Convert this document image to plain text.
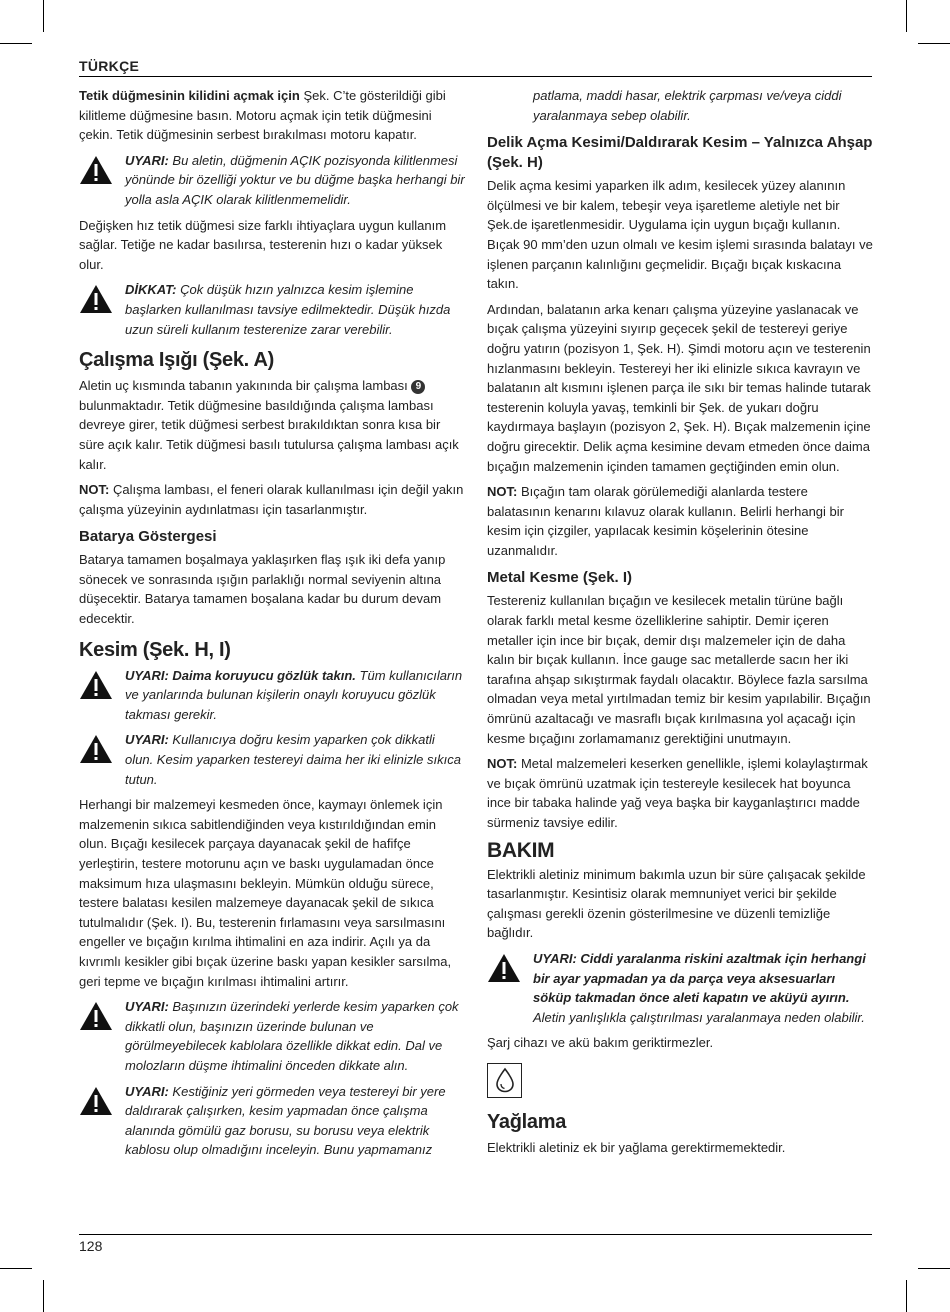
TÜRKÇE
128

Tetik düğmesinin kilidini açmak için Şek. C’te gösterildiği gibi kilitleme düğmesine basın. Motoru açmak için tetik düğmesini çekin. Tetik düğmesinin serbest bırakılması motoru kapatır.

UYARI: Bu aletin, düğmenin AÇIK pozisyonda kilitlenmesi yönünde bir özelliği yoktur ve bu düğme başka herhangi bir yolla asla AÇIK olarak kilitlenmemelidir.

Değişken hız tetik düğmesi size farklı ihtiyaçlara uygun kullanım sağlar. Tetiğe ne kadar basılırsa, testerenin hızı o kadar yüksek olur.

DİKKAT: Çok düşük hızın yalnızca kesim işlemine başlarken kullanılması tavsiye edilmektedir. Düşük hızda uzun süreli kullanım testerenize zarar verebilir.
Çalışma Işığı (Şek. A)

Aletin uç kısmında tabanın yakınında bir çalışma lambası 9 bulunmaktadır. Tetik düğmesine basıldığında çalışma lambası devreye girer, tetik düğmesi serbest bırakıldıktan sonra kısa bir süre açık kalır. Tetik düğmesi basılı tutulursa çalışma lambası açık kalır.

NOT: Çalışma lambası, el feneri olarak kullanılması için değil yakın çalışma yüzeyinin aydınlatması için tasarlanmıştır.

Batarya Göstergesi

Batarya tamamen boşalmaya yaklaşırken flaş ışık iki defa yanıp sönecek ve sonrasında ışığın parlaklığı normal seviyenin altına düşecektir. Batarya tamamen boşalana kadar bu durum devam edecektir.

Kesim (Şek. H, I)
UYARI: Daima koruyucu gözlük takın. Tüm kullanıcıların ve yanlarında bulunan kişilerin onaylı koruyucu gözlük takması gerekir.
UYARI: Kullanıcıya doğru kesim yaparken çok dikkatli olun. Kesim yaparken testereyi daima her iki elinizle sıkıca tutun.

Herhangi bir malzemeyi kesmeden önce, kaymayı önlemek için malzemenin sıkıca sabitlendiğinden veya kıstırıldığından emin olun. Bıçağı kesilecek parçaya dayanacak şekil de hafifçe yerleştirin, testere motorunu açın ve baskı uygulamadan önce maksimum hıza ulaşmasını bekleyin. Mümkün olduğu sürece, testere balatası kesilen malzemeye dayanacak şekil de sıkıca tutulmalıdır (Şek. I). Bu, testerenin fırlamasını veya sarsılmasını engeller ve bıçağın kırılma ihtimalini en aza indirir. Açılı ya da kıvrımlı kesikler gibi bıçak üzerine baskı yapan kesikler sarsılma, geri tepme ve bıçağın kırılması ihtimalini artırır.

UYARI: Başınızın üzerindeki yerlerde kesim yaparken çok dikkatli olun, başınızın üzerinde bulunan ve görülmeyebilecek kablolara özellikle dikkat edin. Dal ve molozların düşme ihtimalini önceden dikkate alın.
UYARI: Kestiğiniz yeri görmeden veya testereyi bir yere daldırarak çalışırken, kesim yapmadan önce çalışma alanında gömülü gaz borusu, su borusu veya elektrik kablosu olup olmadığını inceleyin. Bunu yapmamanız

patlama, maddi hasar, elektrik çarpması ve/veya ciddi yaralanmaya sebep olabilir.

Delik Açma Kesimi/Daldırarak Kesim – Yalnızca Ahşap (Şek. H)

Delik açma kesimi yaparken ilk adım, kesilecek yüzey alanının ölçülmesi ve bir kalem, tebeşir veya işaretleme aletiyle net bir Şek.de işaretlenmesidir. Uygulama için uygun bıçağı kullanın. Bıçak 90 mm’den uzun olmalı ve kesim işlemi sırasında balatayı ve işlenen parçanın kalınlığını geçmelidir. Bıçağı bıçak kıskacına takın.

Ardından, balatanın arka kenarı çalışma yüzeyine yaslanacak ve bıçak çalışma yüzeyini sıyırıp geçecek şekil de testereyi geriye doğru yatırın (pozisyon 1, Şek. H). Şimdi motoru açın ve testerenin hızlanmasını bekleyin. Testereyi her iki elinizle sıkıca kavrayın ve balatanın alt kısmını işlenen parça ile sıkı bir temas halinde tutarak testerenin koluyla yavaş, temkinli bir Şek. de yukarı doğru kaydırmaya başlayın (pozisyon 2, Şek. H). Bıçak malzemenin içine doğru girecektir. Delik açma kesimine devam etmeden önce daima bıçağın malzemenin içinden tamamen geçtiğinden emin olun.

NOT: Bıçağın tam olarak görülemediği alanlarda testere balatasının kenarını kılavuz olarak kullanın. Belirli herhangi bir kesim için çizgiler, yapılacak kesimin köşelerinin ötesine uzanmalıdır.

Metal Kesme (Şek. I)

Testereniz kullanılan bıçağın ve kesilecek metalin türüne bağlı olarak farklı metal kesme özelliklerine sahiptir. Demir içeren metaller için ince bir bıçak, demir dışı malzemeler için de daha kalın bir bıçak kullanın. İnce gauge sac metallerde sacın her iki tarafına ahşap sıkıştırmak faydalı olacaktır. Böylece fazla sarsılma olmadan veya metal yırtılmadan temiz bir kesim yapılabilir. Bıçağın ömrünü azaltacağı ve masraflı bıçak kırılmasına yol açacağı için kesme bıçağını zorlamamanız gerektiğini unutmayın.

NOT: Metal malzemeleri keserken genellikle, işlemi kolaylaştırmak ve bıçak ömrünü uzatmak için testereyle kesilecek hat boyunca ince bir tabaka halinde yağ veya başka bir kayganlaştırıcı madde sürmeniz tavsiye edilir.

BAKIM

Elektrikli aletiniz minimum bakımla uzun bir süre çalışacak şekilde tasarlanmıştır. Kesintisiz olarak memnuniyet verici bir şekilde çalışması gerekli özenin gösterilmesine ve düzenli temizliğe bağlıdır.

UYARI: Ciddi yaralanma riskini azaltmak için herhangi bir ayar yapmadan ya da parça veya aksesuarları söküp takmadan önce aleti kapatın ve aküyü ayırın. Aletin yanlışlıkla çalıştırılması yaralanmaya neden olabilir.

Şarj cihazı ve akü bakım geriktirmezler.

Yağlama

Elektrikli aletiniz ek bir yağlama gerektirmemektedir.
